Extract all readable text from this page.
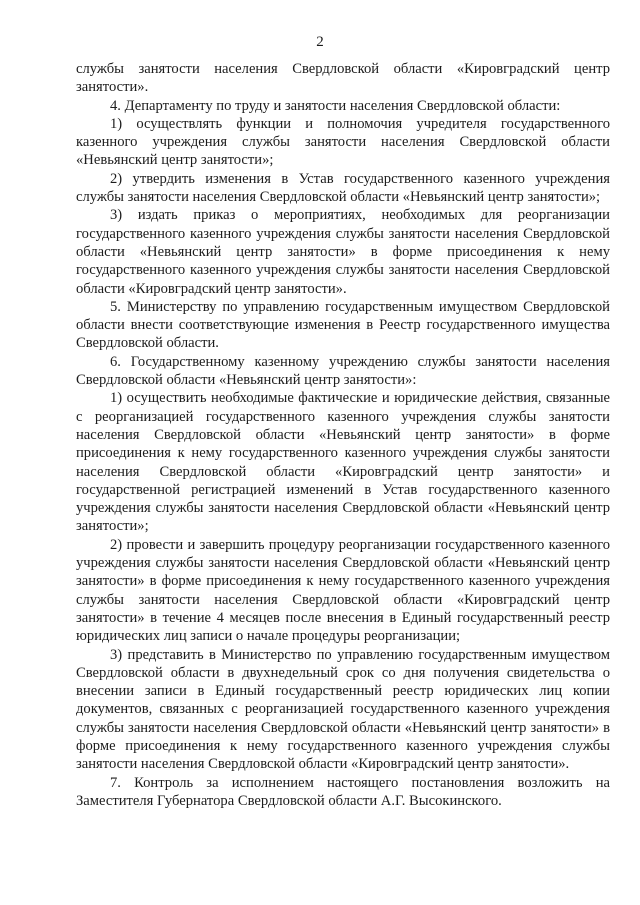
2

службы занятости населения Свердловской области «Кировградский центр занятости».

4. Департаменту по труду и занятости населения Свердловской области:

1) осуществлять функции и полномочия учредителя государственного казенного учреждения службы занятости населения Свердловской области «Невьянский центр занятости»;

2) утвердить изменения в Устав государственного казенного учреждения службы занятости населения Свердловской области «Невьянский центр занятости»;

3) издать приказ о мероприятиях, необходимых для реорганизации государственного казенного учреждения службы занятости населения Свердловской области «Невьянский центр занятости» в форме присоединения к нему государственного казенного учреждения службы занятости населения Свердловской области «Кировградский центр занятости».

5. Министерству по управлению государственным имуществом Свердловской области внести соответствующие изменения в Реестр государственного имущества Свердловской области.

6. Государственному казенному учреждению службы занятости населения Свердловской области «Невьянский центр занятости»:

1) осуществить необходимые фактические и юридические действия, связанные с реорганизацией государственного казенного учреждения службы занятости населения Свердловской области «Невьянский центр занятости» в форме присоединения к нему государственного казенного учреждения службы занятости населения Свердловской области «Кировградский центр занятости» и государственной регистрацией изменений в Устав государственного казенного учреждения службы занятости населения Свердловской области «Невьянский центр занятости»;

2) провести и завершить процедуру реорганизации государственного казенного учреждения службы занятости населения Свердловской области «Невьянский центр занятости» в форме присоединения к нему государственного казенного учреждения службы занятости населения Свердловской области «Кировградский центр занятости» в течение 4 месяцев после внесения в Единый государственный реестр юридических лиц записи о начале процедуры реорганизации;

3) представить в Министерство по управлению государственным имуществом Свердловской области в двухнедельный срок со дня получения свидетельства о внесении записи в Единый государственный реестр юридических лиц копии документов, связанных с реорганизацией государственного казенного учреждения службы занятости населения Свердловской области «Невьянский центр занятости» в форме присоединения к нему государственного казенного учреждения службы занятости населения Свердловской области «Кировградский центр занятости».

7. Контроль за исполнением настоящего постановления возложить на Заместителя Губернатора Свердловской области А.Г. Высокинского.
